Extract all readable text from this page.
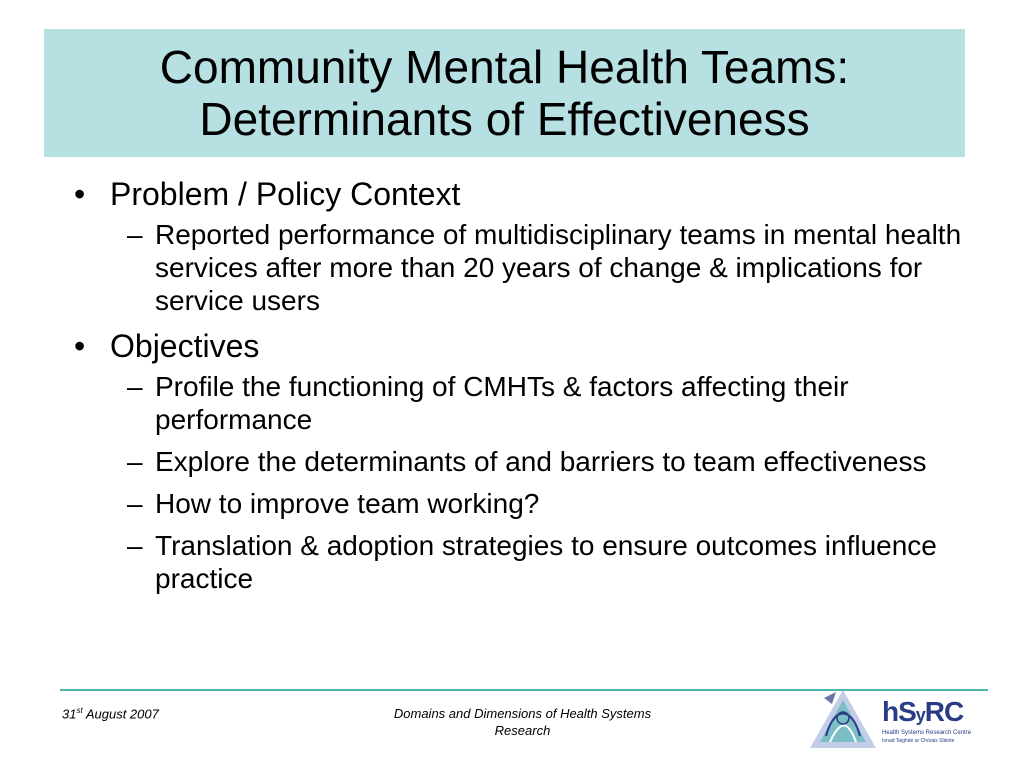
Community Mental Health Teams:
Determinants of Effectiveness
• Problem / Policy Context
– Reported performance of multidisciplinary teams in mental health services after more than 20 years of change & implications for service users
• Objectives
– Profile the functioning of CMHTs & factors affecting their performance
– Explore the determinants of and barriers to team effectiveness
– How to improve team working?
– Translation & adoption strategies to ensure outcomes influence practice
31st August 2007	Domains and Dimensions of Health Systems Research
hSyRC
Health Systems Research Centre
Ionad Taighde ar Chórais Sláinte
